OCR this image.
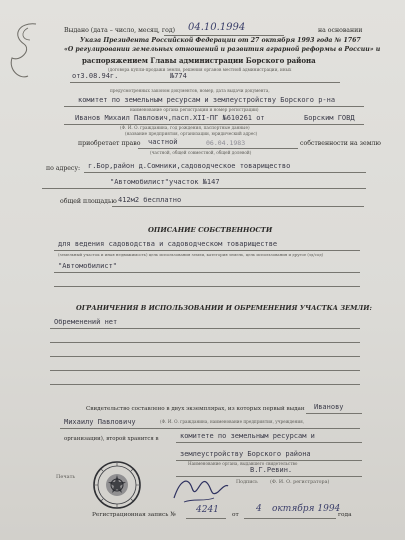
Выдано (дата – число, месяц, год) 04.10.1994	на основании
Указа Президента Российской Федерации от 27 октября 1993 года № 1767
«О регулировании земельных отношений и развития аграрной реформы в России» и
распоряжением Главы администрации Борского района
(договора купли-продажи земли, решения органов местной администрации, иных
от3.08.94г.	№774
предусмотренных законом документов, номер, дата выдачи документа,
комитет по земельным ресурсам и землеустройству Борского р-на
наименование органа регистрации и номер регистрации)
Иванов Михаил Павлович,пасп.XII-ПГ №610261 от	Борским ГОВД
(Ф. И. О. гражданина, год рождения, паспортные данные)
(название предприятия, организации, юридический адрес)
приобретает право частной	06.04.1983	собственности на землю
(частной, общей совместной, общей долевой)
по адресу: г.Бор,район д.Сомники,садоводческое товарищество
"Автомобилист"участок №147
общей площадью 412м2 бесплатно
ОПИСАНИЕ СОБСТВЕННОСТИ
для ведения садоводства и садоводческом товариществе
(земельный участок и иная недвижимость) цель использования земли, категория земель, цель использования и другое (зд/сод)
"Автомобилист"
ОГРАНИЧЕНИЯ В ИСПОЛЬЗОВАНИИ И ОБРЕМЕНЕНИЯ УЧАСТКА ЗЕМЛИ:
Обременений нет
Свидетельство составлено в двух экземплярах, из которых первый выдан Иванову
Михаилу Павловичу	(Ф. И. О. гражданина, наименование предприятия, учреждения,
организации), второй хранится в	комитете по земельным ресурсам и
землеустройству Борского района
Наименование органа, выдавшего свидетельство
В.Г.Ревин.
Подпись	(Ф. И. О. регистратора)
Регистрационная запись № 4241 от
4 октября 1994
года
Печать
